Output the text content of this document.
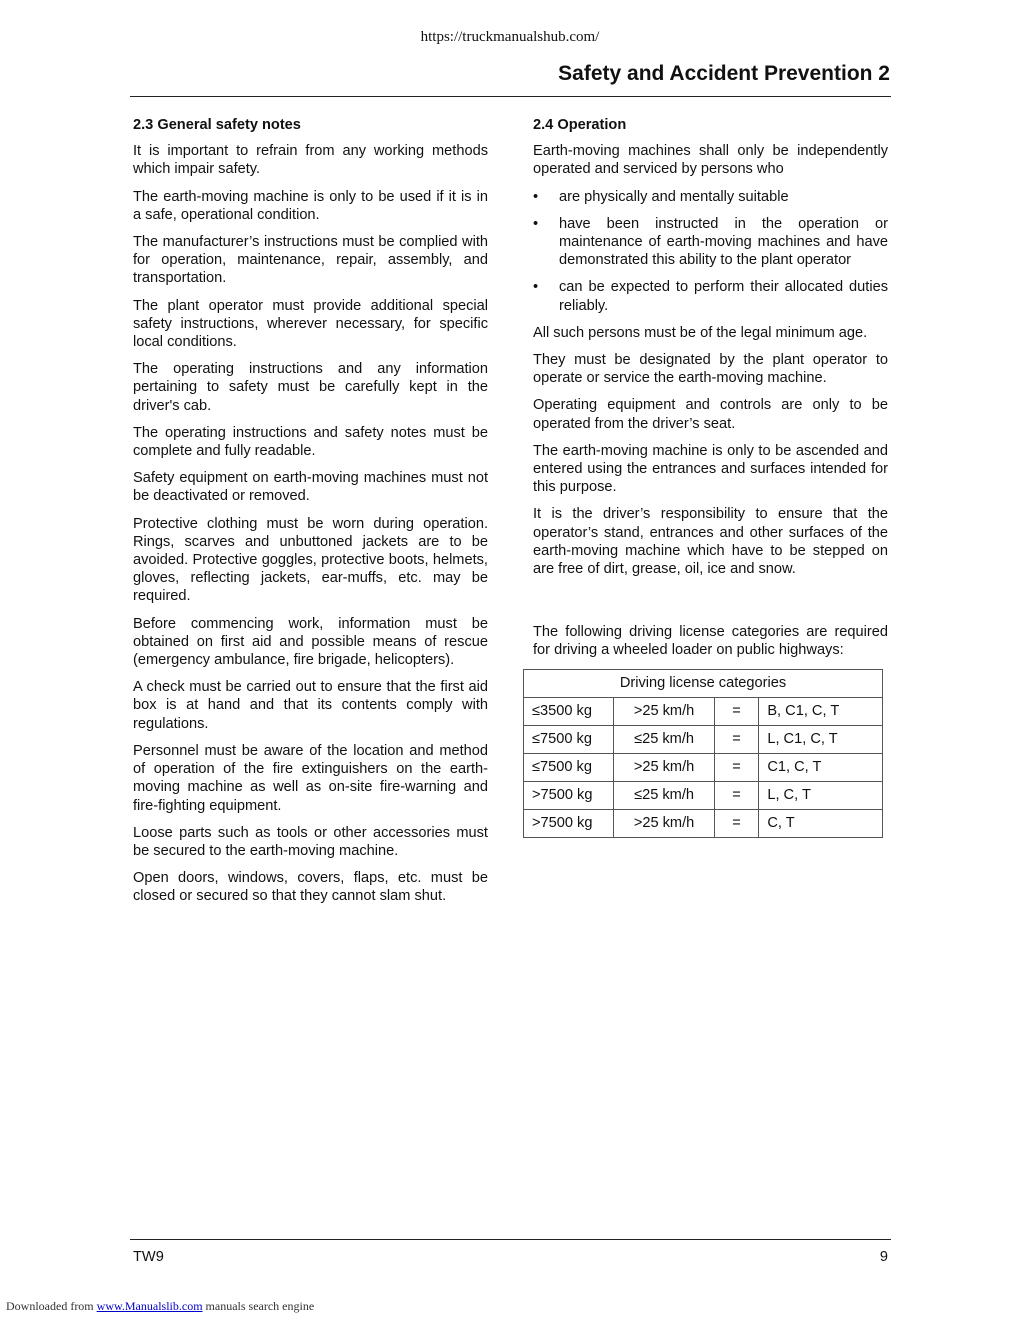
https://truckmanualshub.com/
Safety and Accident Prevention 2
2.3 General safety notes

It is important to refrain from any working methods which impair safety.

The earth-moving machine is only to be used if it is in a safe, operational condition.

The manufacturer’s instructions must be complied with for operation, maintenance, repair, assembly, and transportation.

The plant operator must provide additional special safety instructions, wherever necessary, for specific local conditions.

The operating instructions and any information pertaining to safety must be carefully kept in the driver's cab.

The operating instructions and safety notes must be complete and fully readable.

Safety equipment on earth-moving machines must not be deactivated or removed.

Protective clothing must be worn during operation. Rings, scarves and unbuttoned jackets are to be avoided. Protective goggles, protective boots, helmets, gloves, reflecting jackets, ear-muffs, etc. may be required.

Before commencing work, information must be obtained on first aid and possible means of rescue (emergency ambulance, fire brigade, helicopters).

A check must be carried out to ensure that the first aid box is at hand and that its contents comply with regulations.

Personnel must be aware of the location and method of operation of the fire extinguishers on the earth-moving machine as well as on-site fire-warning and fire-fighting equipment.

Loose parts such as tools or other accessories must be secured to the earth-moving machine.

Open doors, windows, covers, flaps, etc. must be closed or secured so that they cannot slam shut.

2.4 Operation

Earth-moving machines shall only be independently operated and serviced by persons who

• are physically and mentally suitable
• have been instructed in the operation or maintenance of earth-moving machines and have demonstrated this ability to the plant operator
• can be expected to perform their allocated duties reliably.

All such persons must be of the legal minimum age.

They must be designated by the plant operator to operate or service the earth-moving machine.

Operating equipment and controls are only to be operated from the driver’s seat.

The earth-moving machine is only to be ascended and entered using the entrances and surfaces intended for this purpose.

It is the driver’s responsibility to ensure that the operator’s stand, entrances and other surfaces of the earth-moving machine which have to be stepped on are free of dirt, grease, oil, ice and snow.

The following driving license categories are required for driving a wheeled loader on public highways:

Driving license categories			
≤3500 kg	>25 km/h	=	B, C1, C, T
≤7500 kg	≤25 km/h	=	L, C1, C, T
≤7500 kg	>25 km/h	=	C1, C, T
>7500 kg	≤25 km/h	=	L, C, T
>7500 kg	>25 km/h	=	C, T
TW9	9
Downloaded from www.Manualslib.com manuals search engine
